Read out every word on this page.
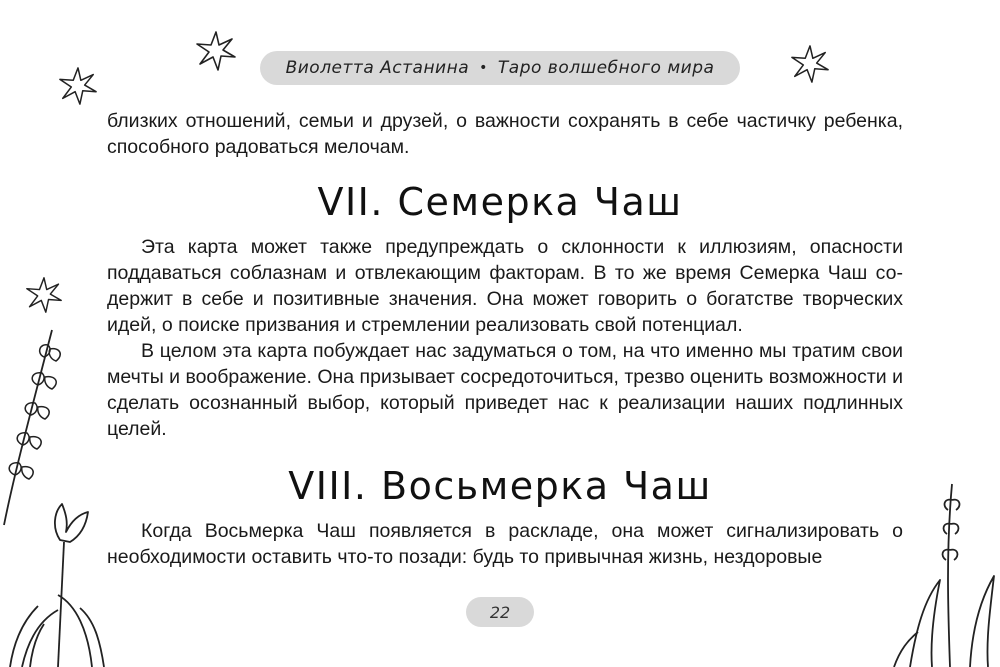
Виолетта Астанина • Таро волшебного мира

близких отношений, семьи и друзей, о важности сохранять в себе частичку ребенка, способного радоваться мелочам.

VII. Семерка Чаш

Эта карта может также предупреждать о склонности к иллюзиям, опасности поддаваться соблазнам и отвлекающим факторам. В то же время Семерка Чаш содержит в себе и позитивные значения. Она может говорить о богатстве творческих идей, о поиске призвания и стремлении реализовать свой потенциал.

В целом эта карта побуждает нас задуматься о том, на что именно мы тратим свои мечты и воображение. Она призывает сосредоточиться, трезво оценить возможности и сделать осознанный выбор, который приведет нас к реализации наших подлинных целей.

VIII. Восьмерка Чаш

Когда Восьмерка Чаш появляется в раскладе, она может сигнализировать о необходимости оставить что-то позади: будь то привычная жизнь, нездоровые

22
